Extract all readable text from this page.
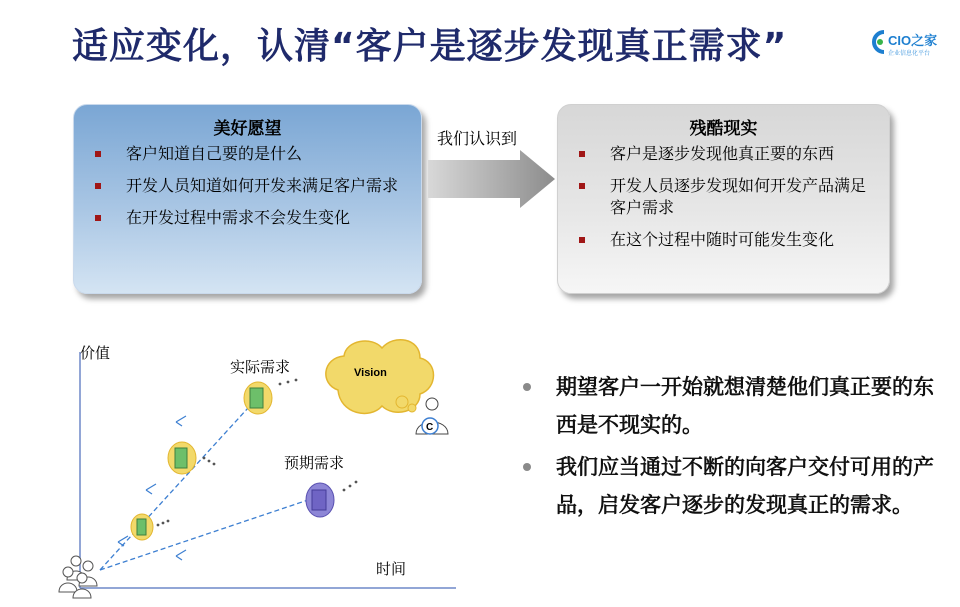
适应变化，认清“客户是逐步发现真正需求”	CIO之家
企业信息化平台
美好愿望
客户知道自己要的是什么
开发人员知道如何开发来满足客户需求
在开发过程中需求不会发生变化
我们认识到	残酷现实
客户是逐步发现他真正要的东西
开发人员逐步发现如何开发产品满足客户需求
在这个过程中随时可能发生变化
价值
时间
实际需求	Vision
C
预期需求
期望客户一开始就想清楚他们真正要的东西是不现实的。
我们应当通过不断的向客户交付可用的产品，启发客户逐步的发现真正的需求。
